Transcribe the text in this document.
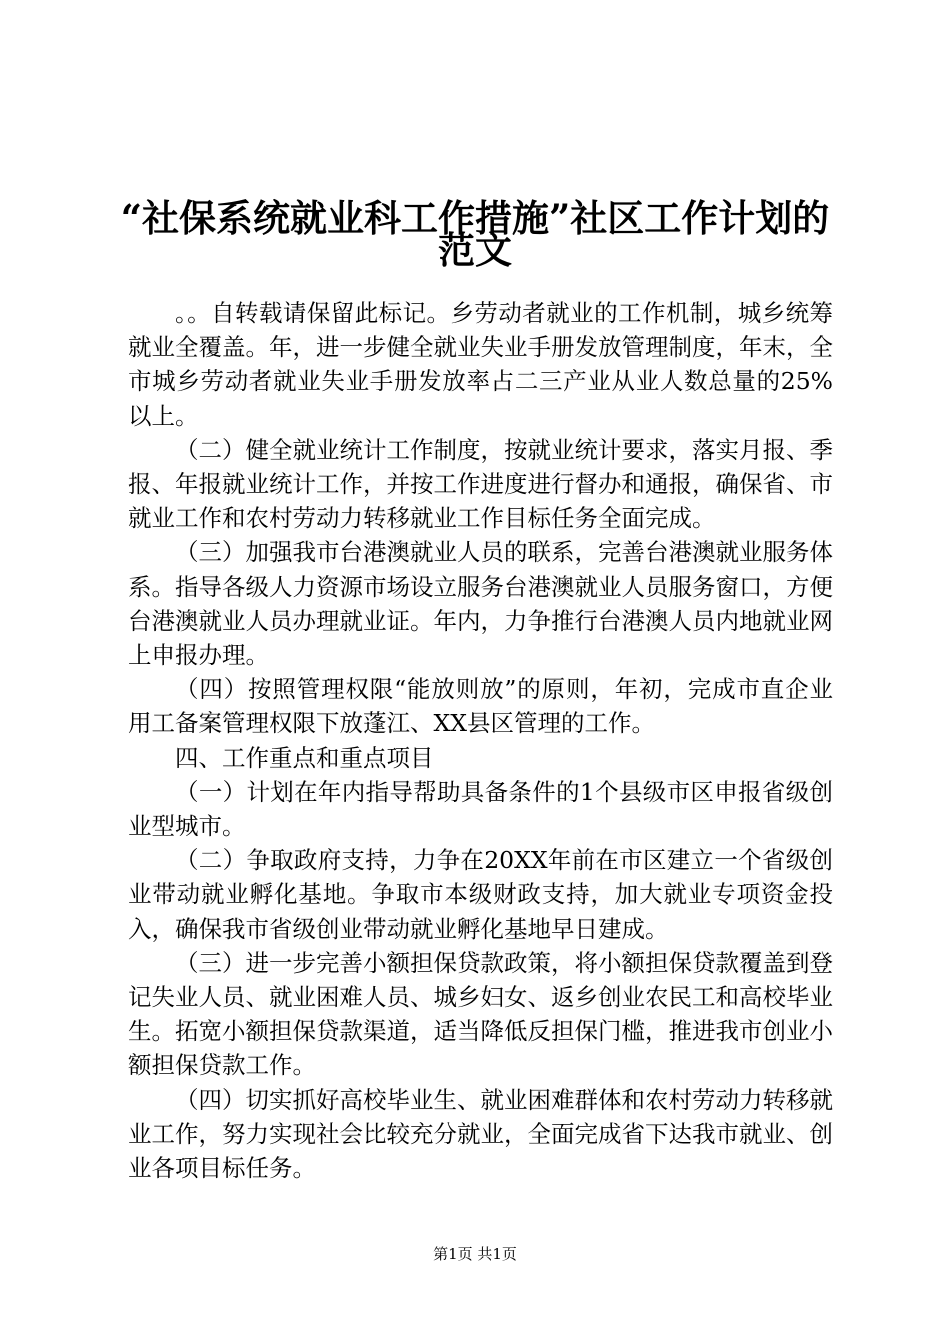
“社保系统就业科工作措施”社区工作计划的
范文

。。自转载请保留此标记。乡劳动者就业的工作机制，城乡统筹就业全覆盖。年，进一步健全就业失业手册发放管理制度，年末，全市城乡劳动者就业失业手册发放率占二三产业从业人数总量的25%以上。

（二）健全就业统计工作制度，按就业统计要求，落实月报、季报、年报就业统计工作，并按工作进度进行督办和通报，确保省、市就业工作和农村劳动力转移就业工作目标任务全面完成。

（三）加强我市台港澳就业人员的联系，完善台港澳就业服务体系。指导各级人力资源市场设立服务台港澳就业人员服务窗口，方便台港澳就业人员办理就业证。年内，力争推行台港澳人员内地就业网上申报办理。

（四）按照管理权限“能放则放”的原则，年初，完成市直企业用工备案管理权限下放蓬江、XX县区管理的工作。

四、工作重点和重点项目

（一）计划在年内指导帮助具备条件的1个县级市区申报省级创业型城市。

（二）争取政府支持，力争在20XX年前在市区建立一个省级创业带动就业孵化基地。争取市本级财政支持，加大就业专项资金投入，确保我市省级创业带动就业孵化基地早日建成。

（三）进一步完善小额担保贷款政策，将小额担保贷款覆盖到登记失业人员、就业困难人员、城乡妇女、返乡创业农民工和高校毕业生。拓宽小额担保贷款渠道，适当降低反担保门槛，推进我市创业小额担保贷款工作。

（四）切实抓好高校毕业生、就业困难群体和农村劳动力转移就业工作，努力实现社会比较充分就业，全面完成省下达我市就业、创业各项目标任务。

第1页 共1页
